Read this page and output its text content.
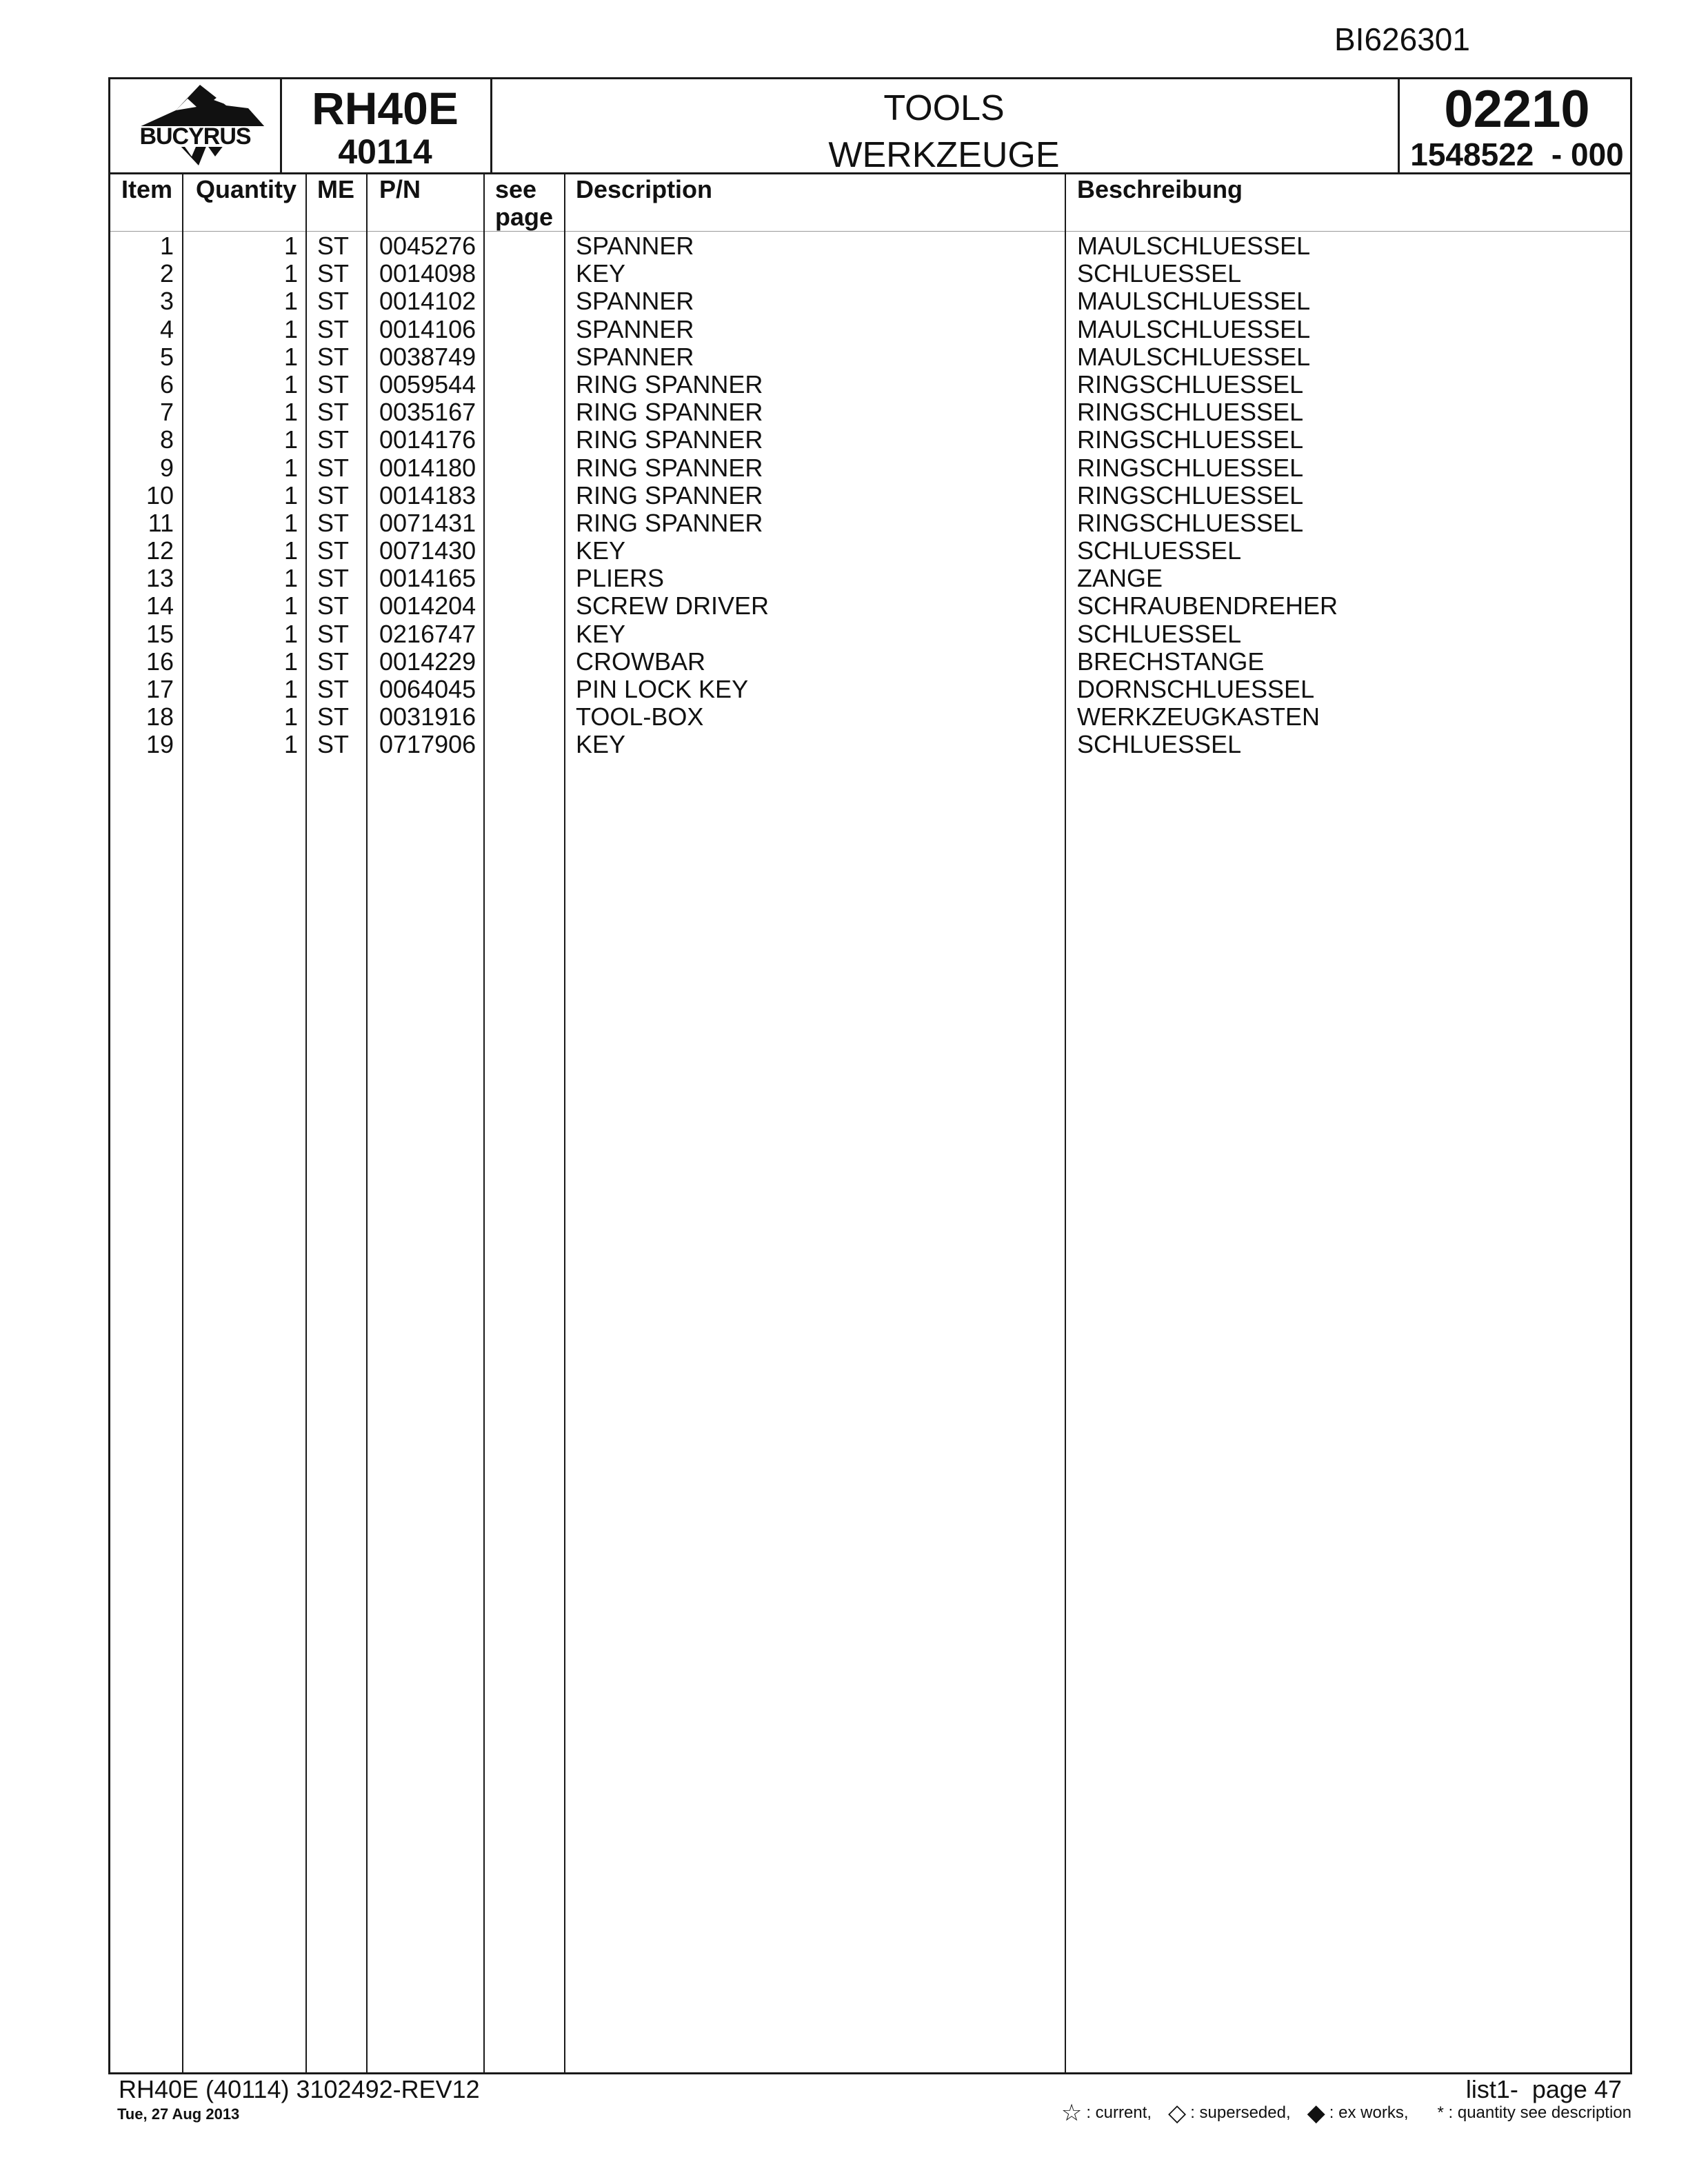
BI626301
BUCYRUS
RH40E
40114
TOOLS
WERKZEUGE
02210
1548522  - 000
Item Quantity ME P/N	see
page
Description	Beschreibung
1	1 ST 0045276	SPANNER	MAULSCHLUESSEL
2	1 ST 0014098	KEY	SCHLUESSEL
3	1 ST 0014102	SPANNER	MAULSCHLUESSEL
4	1 ST 0014106	SPANNER	MAULSCHLUESSEL
5	1 ST 0038749	SPANNER	MAULSCHLUESSEL
6	1 ST 0059544	RING SPANNER	RINGSCHLUESSEL
7	1 ST 0035167	RING SPANNER	RINGSCHLUESSEL
8	1 ST 0014176	RING SPANNER	RINGSCHLUESSEL
9	1 ST 0014180	RING SPANNER	RINGSCHLUESSEL
10	1 ST 0014183	RING SPANNER	RINGSCHLUESSEL
11	1 ST 0071431	RING SPANNER	RINGSCHLUESSEL
12	1 ST 0071430	KEY	SCHLUESSEL
13	1 ST 0014165	PLIERS	ZANGE
14	1 ST 0014204	SCREW DRIVER	SCHRAUBENDREHER
15	1 ST 0216747	KEY	SCHLUESSEL
16	1 ST 0014229	CROWBAR	BRECHSTANGE
17	1 ST 0064045	PIN LOCK KEY	DORNSCHLUESSEL
18	1 ST 0031916	TOOL-BOX	WERKZEUGKASTEN
19	1 ST 0717906	KEY	SCHLUESSEL
RH40E (40114) 3102492-REV12
Tue, 27 Aug 2013
list1-  page 47
☆ : current, ◇ : superseded, ◆ : ex works, * : quantity see description
